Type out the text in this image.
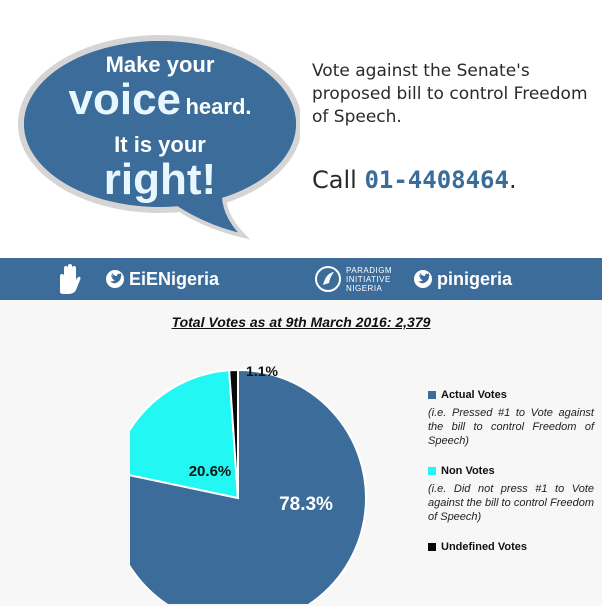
Make your
voice heard.
It is your
right!
Vote against the Senate's proposed bill to control Freedom of Speech.
Call 01-4408464.
EiENigeria	PARADIGM
INITIATIVE
NIGERIA	pinigeria
Total Votes as at 9th March 2016: 2,379
78.3%
20.6%
1.1%
Actual Votes
(i.e. Pressed #1 to Vote against the bill to control Freedom of Speech)
Non Votes
(i.e. Did not press #1 to Vote against the bill to control Freedom of Speech)
Undefined Votes
